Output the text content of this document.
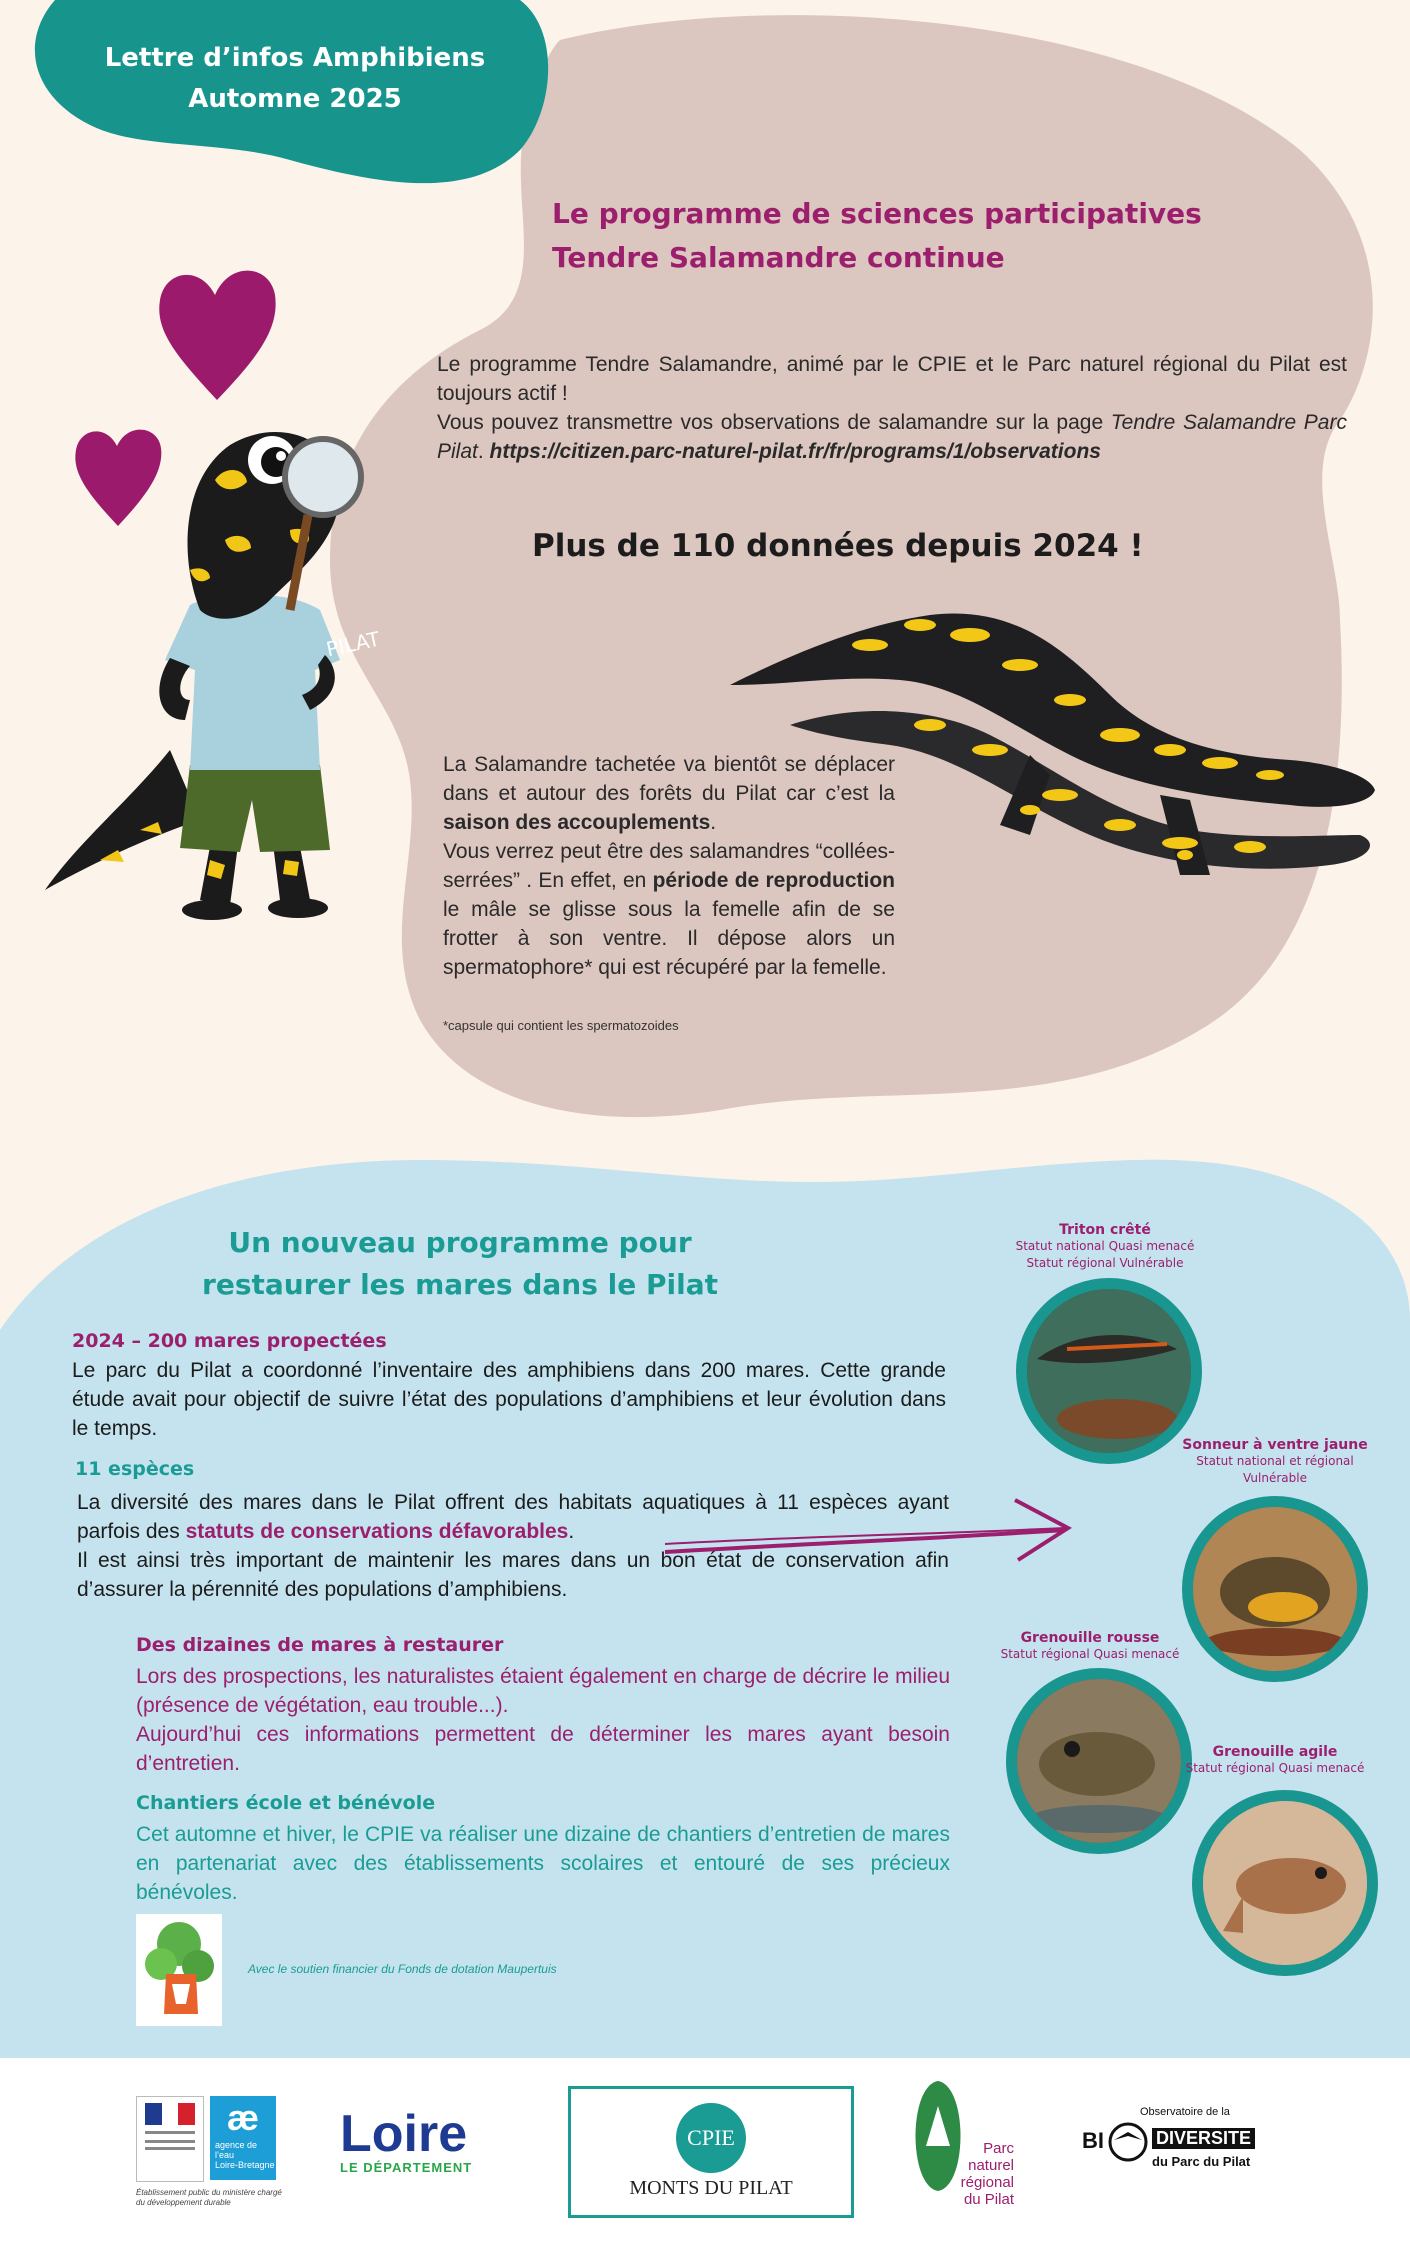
Lettre d’infos Amphibiens
Automne 2025
PILAT
Le programme de sciences participatives
Tendre Salamandre continue
Le programme Tendre Salamandre, animé par le CPIE et le Parc naturel régional du Pilat est toujours actif !
Vous pouvez transmettre vos observations de salamandre sur la page Tendre Salamandre Parc Pilat. https://citizen.parc-naturel-pilat.fr/fr/programs/1/observations
Plus de 110 données depuis 2024 !
La Salamandre tachetée va bientôt se déplacer dans et autour des forêts du Pilat car c’est la saison des accouplements.
Vous verrez peut être des salamandres “collées-serrées” . En effet, en période de reproduction le mâle se glisse sous la femelle afin de se frotter à son ventre. Il dépose alors un spermatophore* qui est récupéré par la femelle.
*capsule qui contient les spermatozoides
Un nouveau programme pour
restaurer les mares dans le Pilat
2024 – 200 mares propectées
Le parc du Pilat a coordonné l’inventaire des amphibiens dans 200 mares. Cette grande étude avait pour objectif de suivre l’état des populations d’amphibiens et leur évolution dans le temps.
11 espèces
La diversité des mares dans le Pilat offrent des habitats aquatiques à 11 espèces ayant parfois des statuts de conservations défavorables.
Il est ainsi très important de maintenir les mares dans un bon état de conservation afin d’assurer la pérennité des populations d’amphibiens.
Des dizaines de mares à restaurer
Lors des prospections, les naturalistes étaient également en charge de décrire le milieu (présence de végétation, eau trouble...).
Aujourd’hui ces informations permettent de déterminer les mares ayant besoin d’entretien.
Chantiers école et bénévole
Cet automne et hiver, le CPIE va réaliser une dizaine de chantiers d’entretien de mares en partenariat avec des établissements scolaires et entouré de ses précieux bénévoles.
Avec le soutien financier du Fonds de dotation Maupertuis
Triton crêté
Statut national Quasi menacé
Statut régional Vulnérable
Sonneur à ventre jaune
Statut national et régional
Vulnérable
Grenouille rousse
Statut régional Quasi menacé
Grenouille agile
Statut régional Quasi menacé
æ
agence de l’eau
Loire-Bretagne
Établissement public du ministère chargé du développement durable
Loire
LE DÉPARTEMENT
CPIE
MONTS DU PILAT
Parc
naturel
régional
du Pilat
Observatoire de la
BI	DIVERSITE
du Parc du Pilat
